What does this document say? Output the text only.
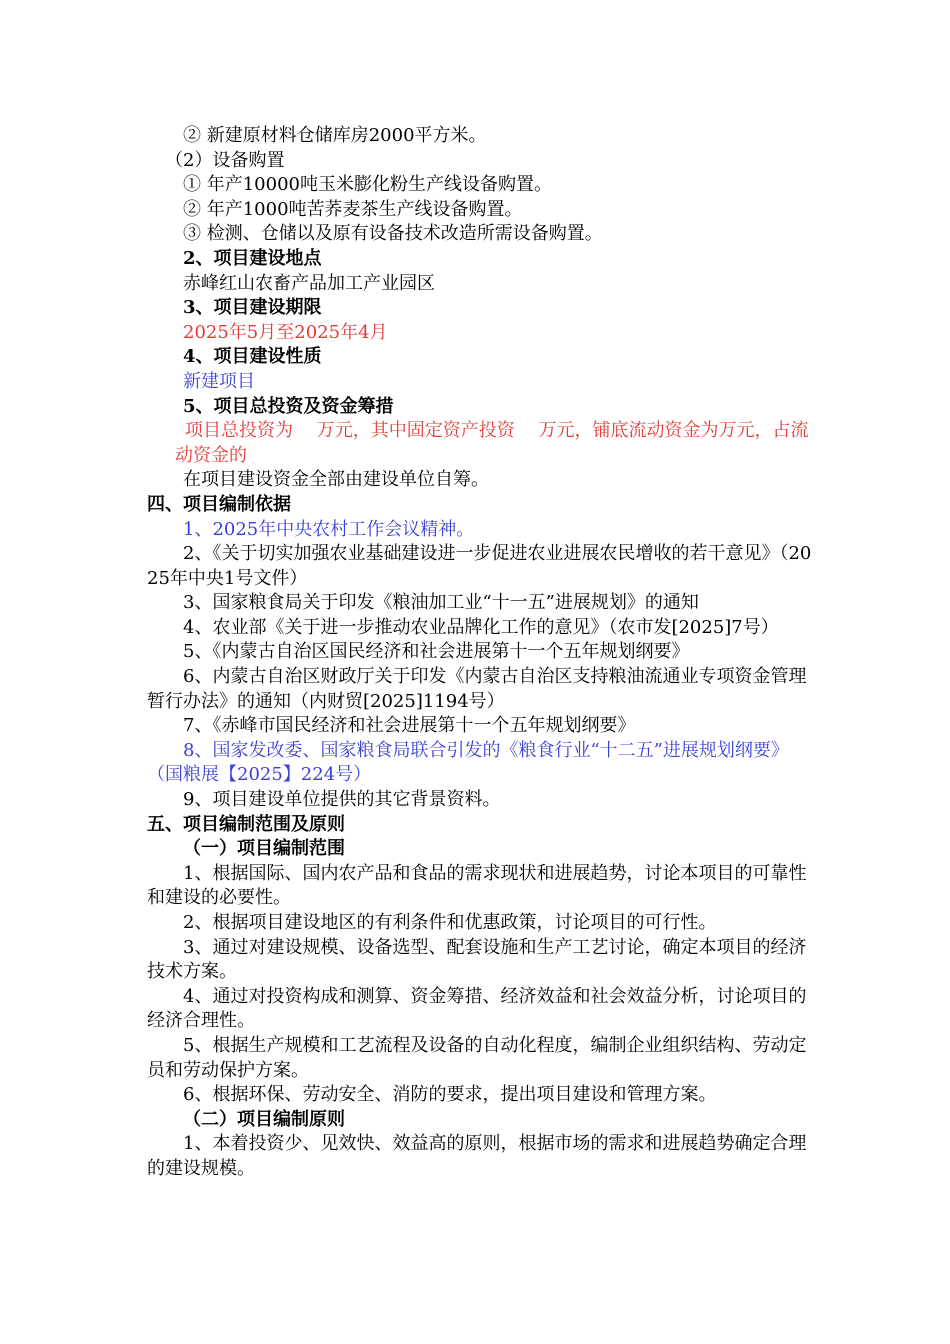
② 新建原材料仓储库房2000平方米。

（2）设备购置

① 年产10000吨玉米膨化粉生产线设备购置。

② 年产1000吨苦荞麦茶生产线设备购置。

③ 检测、仓储以及原有设备技术改造所需设备购置。

2、项目建设地点

赤峰红山农畜产品加工产业园区

3、项目建设期限

2025年5月至2025年4月

4、项目建设性质

新建项目

5、项目总投资及资金筹措

项目总投资为　 万元，其中固定资产投资　 万元，铺底流动资金为万元，占流动资金的

在项目建设资金全部由建设单位自筹。

四、项目编制依据

1、2025年中央农村工作会议精神。

2、《关于切实加强农业基础建设进一步促进农业进展农民增收的若干意见》（2025年中央1号文件）

3、国家粮食局关于印发《粮油加工业“十一五”进展规划》的通知

4、农业部《关于进一步推动农业品牌化工作的意见》（农市发[2025]7号）

5、《内蒙古自治区国民经济和社会进展第十一个五年规划纲要》

6、内蒙古自治区财政厅关于印发《内蒙古自治区支持粮油流通业专项资金管理暂行办法》的通知（内财贸[2025]1194号）

7、《赤峰市国民经济和社会进展第十一个五年规划纲要》

8、国家发改委、国家粮食局联合引发的《粮食行业“十二五”进展规划纲要》（国粮展【2025】224号）

9、项目建设单位提供的其它背景资料。

五、项目编制范围及原则

（一）项目编制范围

1、根据国际、国内农产品和食品的需求现状和进展趋势，讨论本项目的可靠性和建设的必要性。

2、根据项目建设地区的有利条件和优惠政策，讨论项目的可行性。

3、通过对建设规模、设备选型、配套设施和生产工艺讨论，确定本项目的经济技术方案。

4、通过对投资构成和测算、资金筹措、经济效益和社会效益分析，讨论项目的经济合理性。

5、根据生产规模和工艺流程及设备的自动化程度，编制企业组织结构、劳动定员和劳动保护方案。

6、根据环保、劳动安全、消防的要求，提出项目建设和管理方案。

（二）项目编制原则

1、本着投资少、见效快、效益高的原则，根据市场的需求和进展趋势确定合理的建设规模。
